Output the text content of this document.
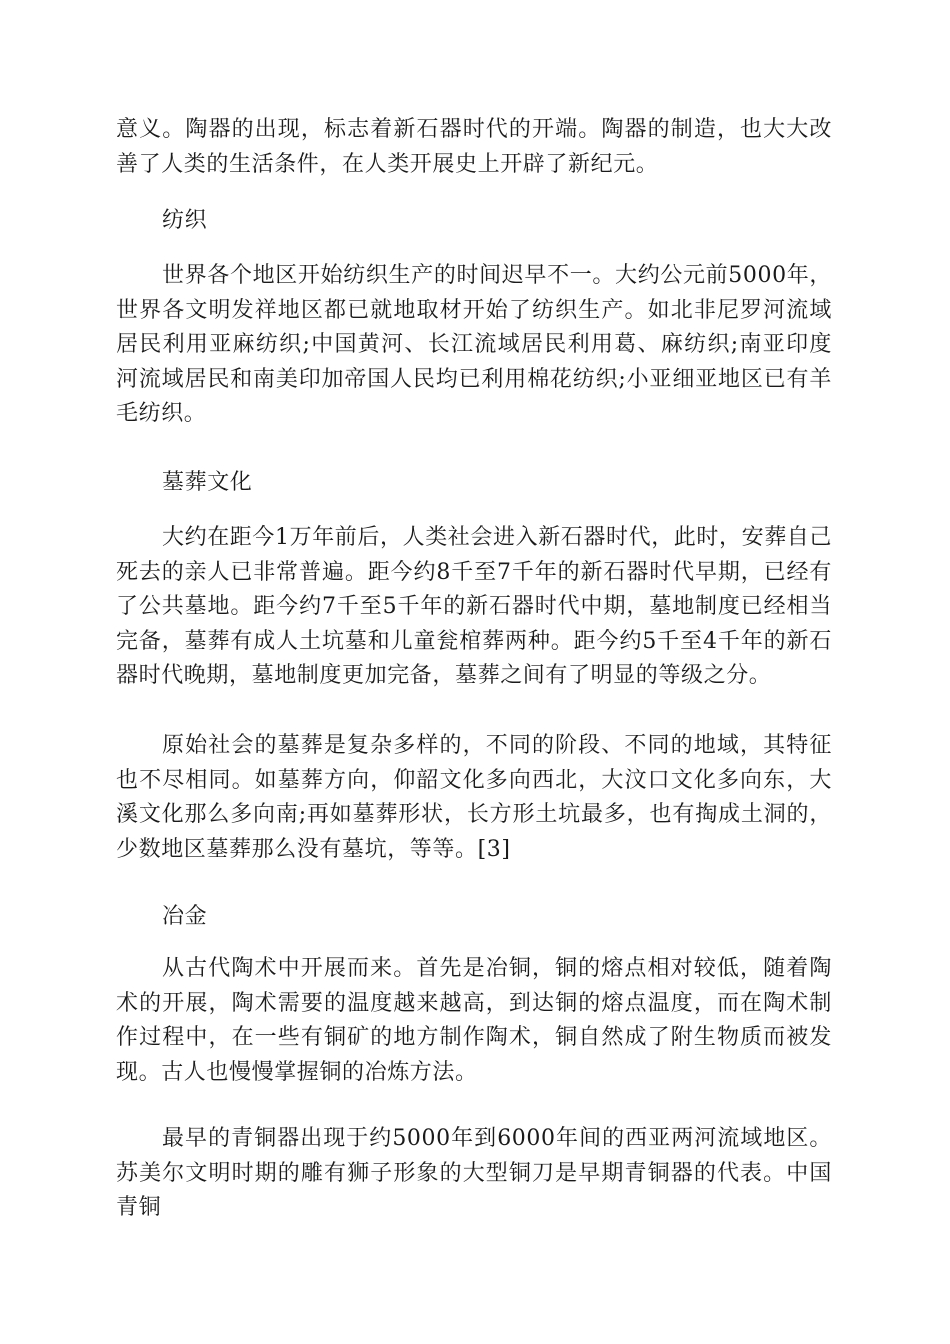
意义。陶器的出现，标志着新石器时代的开端。陶器的制造，也大大改善了人类的生活条件，在人类开展史上开辟了新纪元。

纺织

世界各个地区开始纺织生产的时间迟早不一。大约公元前5000年，世界各文明发祥地区都已就地取材开始了纺织生产。如北非尼罗河流域居民利用亚麻纺织;中国黄河、长江流域居民利用葛、麻纺织;南亚印度河流域居民和南美印加帝国人民均已利用棉花纺织;小亚细亚地区已有羊毛纺织。

墓葬文化

大约在距今1万年前后，人类社会进入新石器时代，此时，安葬自己死去的亲人已非常普遍。距今约8千至7千年的新石器时代早期，已经有了公共墓地。距今约7千至5千年的新石器时代中期，墓地制度已经相当完备，墓葬有成人土坑墓和儿童瓮棺葬两种。距今约5千至4千年的新石器时代晚期，墓地制度更加完备，墓葬之间有了明显的等级之分。

原始社会的墓葬是复杂多样的，不同的阶段、不同的地域，其特征也不尽相同。如墓葬方向，仰韶文化多向西北，大汶口文化多向东，大溪文化那么多向南;再如墓葬形状，长方形土坑最多，也有掏成土洞的，少数地区墓葬那么没有墓坑，等等。[3]

冶金

从古代陶术中开展而来。首先是冶铜，铜的熔点相对较低，随着陶术的开展，陶术需要的温度越来越高，到达铜的熔点温度，而在陶术制作过程中，在一些有铜矿的地方制作陶术，铜自然成了附生物质而被发现。古人也慢慢掌握铜的冶炼方法。

最早的青铜器出现于约5000年到6000年间的西亚两河流域地区。苏美尔文明时期的雕有狮子形象的大型铜刀是早期青铜器的代表。中国青铜
